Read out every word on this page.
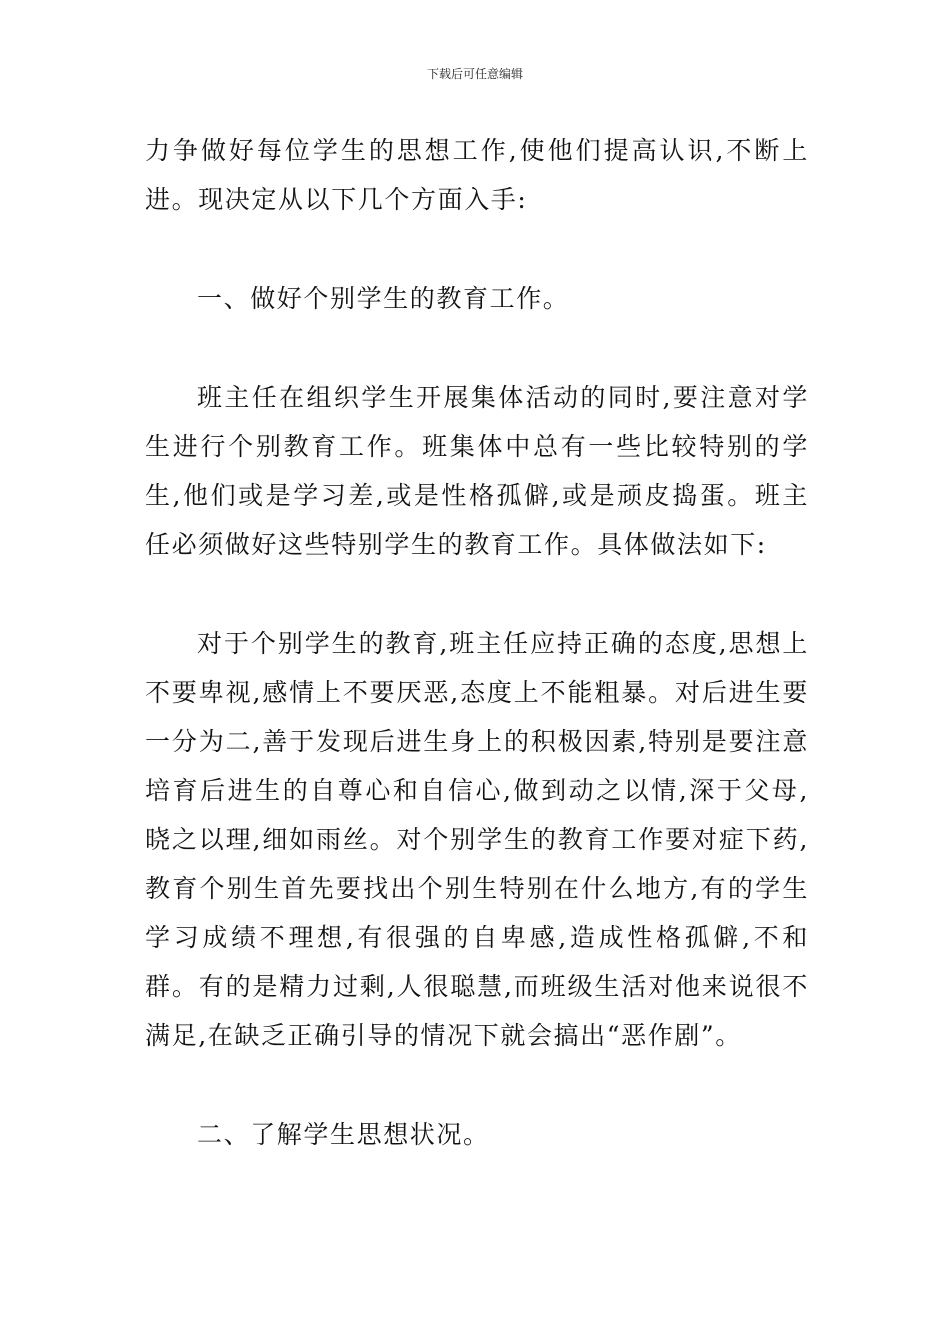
下载后可任意编辑

力争做好每位学生的思想工作,使他们提高认识,不断上进。现决定从以下几个方面入手:

一、做好个别学生的教育工作。

班主任在组织学生开展集体活动的同时,要注意对学生进行个别教育工作。班集体中总有一些比较特别的学生,他们或是学习差,或是性格孤僻,或是顽皮捣蛋。班主任必须做好这些特别学生的教育工作。具体做法如下:

对于个别学生的教育,班主任应持正确的态度,思想上不要卑视,感情上不要厌恶,态度上不能粗暴。对后进生要一分为二,善于发现后进生身上的积极因素,特别是要注意培育后进生的自尊心和自信心,做到动之以情,深于父母,晓之以理,细如雨丝。对个别学生的教育工作要对症下药,教育个别生首先要找出个别生特别在什么地方,有的学生学习成绩不理想,有很强的自卑感,造成性格孤僻,不和群。有的是精力过剩,人很聪慧,而班级生活对他来说很不满足,在缺乏正确引导的情况下就会搞出“恶作剧”。

二、了解学生思想状况。
